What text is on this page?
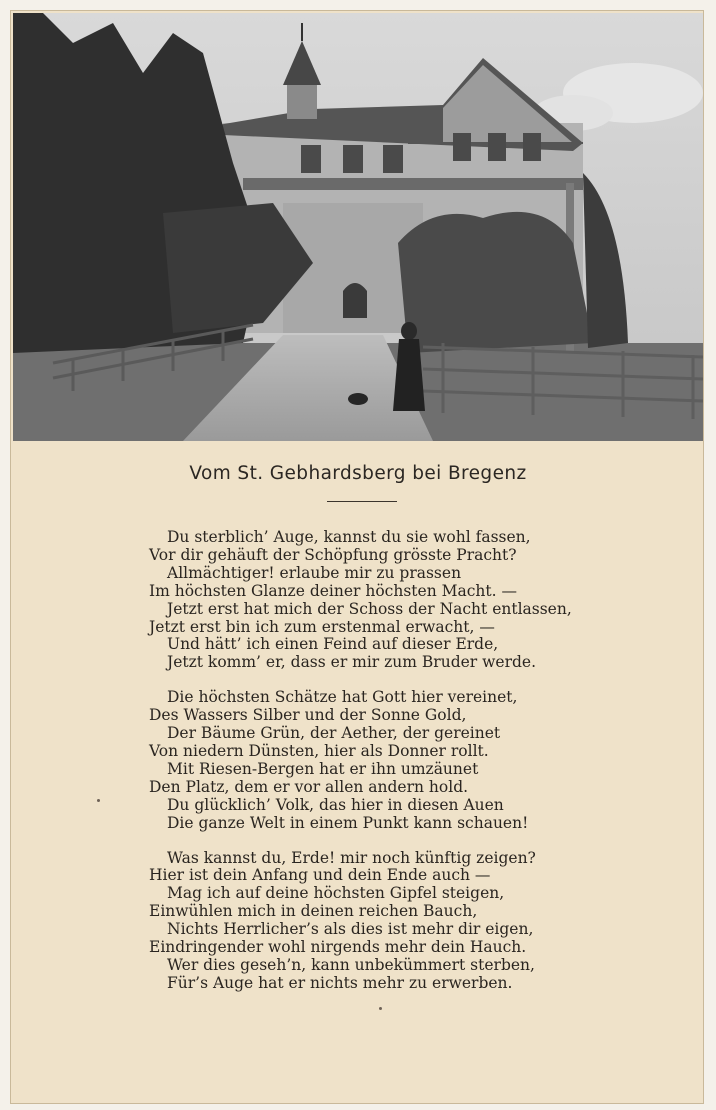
Vom St. Gebhardsberg bei Bregenz
Du sterblich’ Auge, kannst du sie wohl fassen,
Vor dir gehäuft der Schöpfung grösste Pracht?
Allmächtiger! erlaube mir zu prassen
Im höchsten Glanze deiner höchsten Macht. —
Jetzt erst hat mich der Schoss der Nacht entlassen,
Jetzt erst bin ich zum erstenmal erwacht, —
Und hätt’ ich einen Feind auf dieser Erde,
Jetzt komm’ er, dass er mir zum Bruder werde.
Die höchsten Schätze hat Gott hier vereinet,
Des Wassers Silber und der Sonne Gold,
Der Bäume Grün, der Aether, der gereinet
Von niedern Dünsten, hier als Donner rollt.
Mit Riesen-Bergen hat er ihn umzäunet
Den Platz, dem er vor allen andern hold.
Du glücklich’ Volk, das hier in diesen Auen
Die ganze Welt in einem Punkt kann schauen!
Was kannst du, Erde! mir noch künftig zeigen?
Hier ist dein Anfang und dein Ende auch —
Mag ich auf deine höchsten Gipfel steigen,
Einwühlen mich in deinen reichen Bauch,
Nichts Herrlicher’s als dies ist mehr dir eigen,
Eindringender wohl nirgends mehr dein Hauch.
Wer dies geseh’n, kann unbekümmert sterben,
Für’s Auge hat er nichts mehr zu erwerben.
